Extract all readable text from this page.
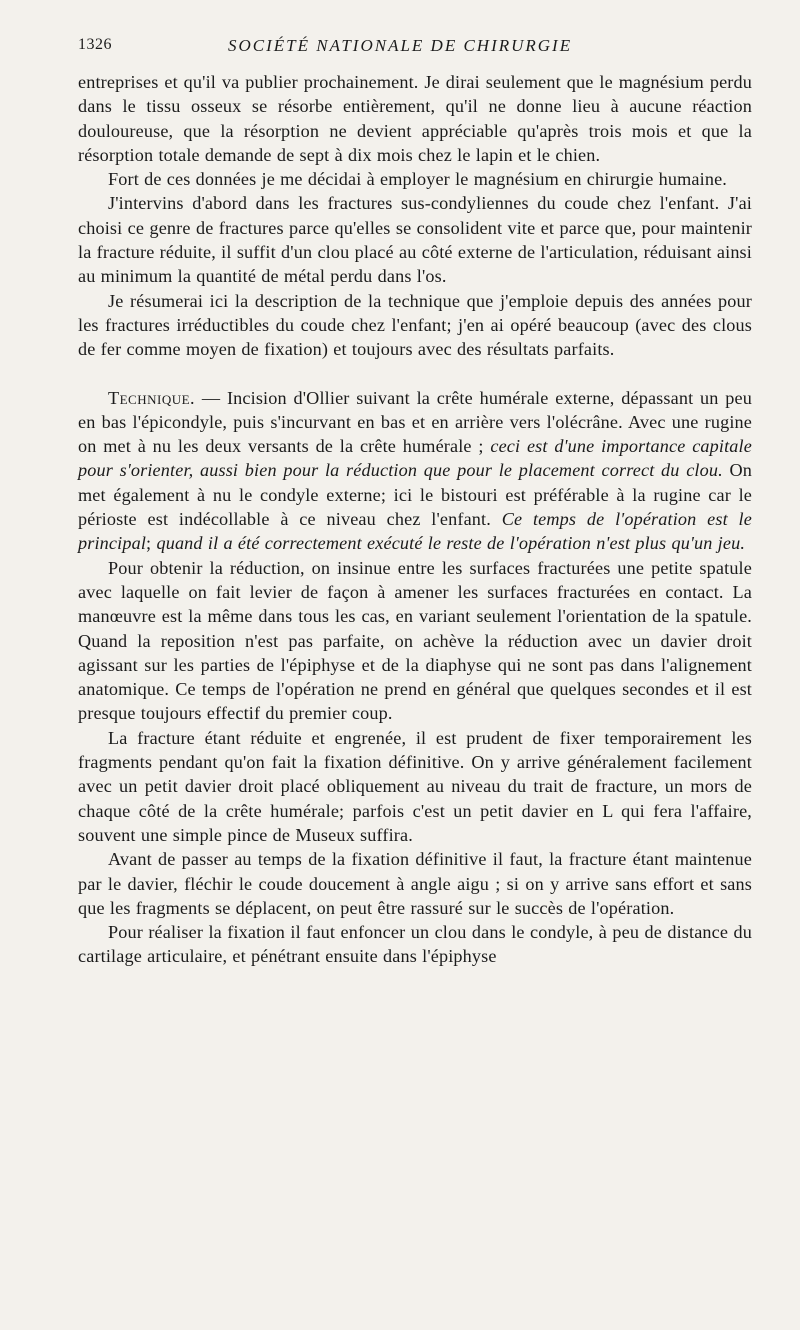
1326	SOCIÉTÉ NATIONALE DE CHIRURGIE

entreprises et qu'il va publier prochainement. Je dirai seulement que le magnésium perdu dans le tissu osseux se résorbe entièrement, qu'il ne donne lieu à aucune réaction douloureuse, que la résorption ne devient appréciable qu'après trois mois et que la résorption totale demande de sept à dix mois chez le lapin et le chien.

Fort de ces données je me décidai à employer le magnésium en chirurgie humaine.

J'intervins d'abord dans les fractures sus-condyliennes du coude chez l'enfant. J'ai choisi ce genre de fractures parce qu'elles se consolident vite et parce que, pour maintenir la fracture réduite, il suffit d'un clou placé au côté externe de l'articulation, réduisant ainsi au minimum la quantité de métal perdu dans l'os.

Je résumerai ici la description de la technique que j'emploie depuis des années pour les fractures irréductibles du coude chez l'enfant; j'en ai opéré beaucoup (avec des clous de fer comme moyen de fixation) et toujours avec des résultats parfaits.

Technique. — Incision d'Ollier suivant la crête humérale externe, dépassant un peu en bas l'épicondyle, puis s'incurvant en bas et en arrière vers l'olécrâne. Avec une rugine on met à nu les deux versants de la crête humérale ; ceci est d'une importance capitale pour s'orienter, aussi bien pour la réduction que pour le placement correct du clou. On met également à nu le condyle externe; ici le bistouri est préférable à la rugine car le périoste est indécollable à ce niveau chez l'enfant. Ce temps de l'opération est le principal; quand il a été correctement exécuté le reste de l'opération n'est plus qu'un jeu.

Pour obtenir la réduction, on insinue entre les surfaces fracturées une petite spatule avec laquelle on fait levier de façon à amener les surfaces fracturées en contact. La manœuvre est la même dans tous les cas, en variant seulement l'orientation de la spatule. Quand la reposition n'est pas parfaite, on achève la réduction avec un davier droit agissant sur les parties de l'épiphyse et de la diaphyse qui ne sont pas dans l'alignement anatomique. Ce temps de l'opération ne prend en général que quelques secondes et il est presque toujours effectif du premier coup.

La fracture étant réduite et engrenée, il est prudent de fixer temporairement les fragments pendant qu'on fait la fixation définitive. On y arrive généralement facilement avec un petit davier droit placé obliquement au niveau du trait de fracture, un mors de chaque côté de la crête humérale; parfois c'est un petit davier en L qui fera l'affaire, souvent une simple pince de Museux suffira.

Avant de passer au temps de la fixation définitive il faut, la fracture étant maintenue par le davier, fléchir le coude doucement à angle aigu ; si on y arrive sans effort et sans que les fragments se déplacent, on peut être rassuré sur le succès de l'opération.

Pour réaliser la fixation il faut enfoncer un clou dans le condyle, à peu de distance du cartilage articulaire, et pénétrant ensuite dans l'épiphyse
